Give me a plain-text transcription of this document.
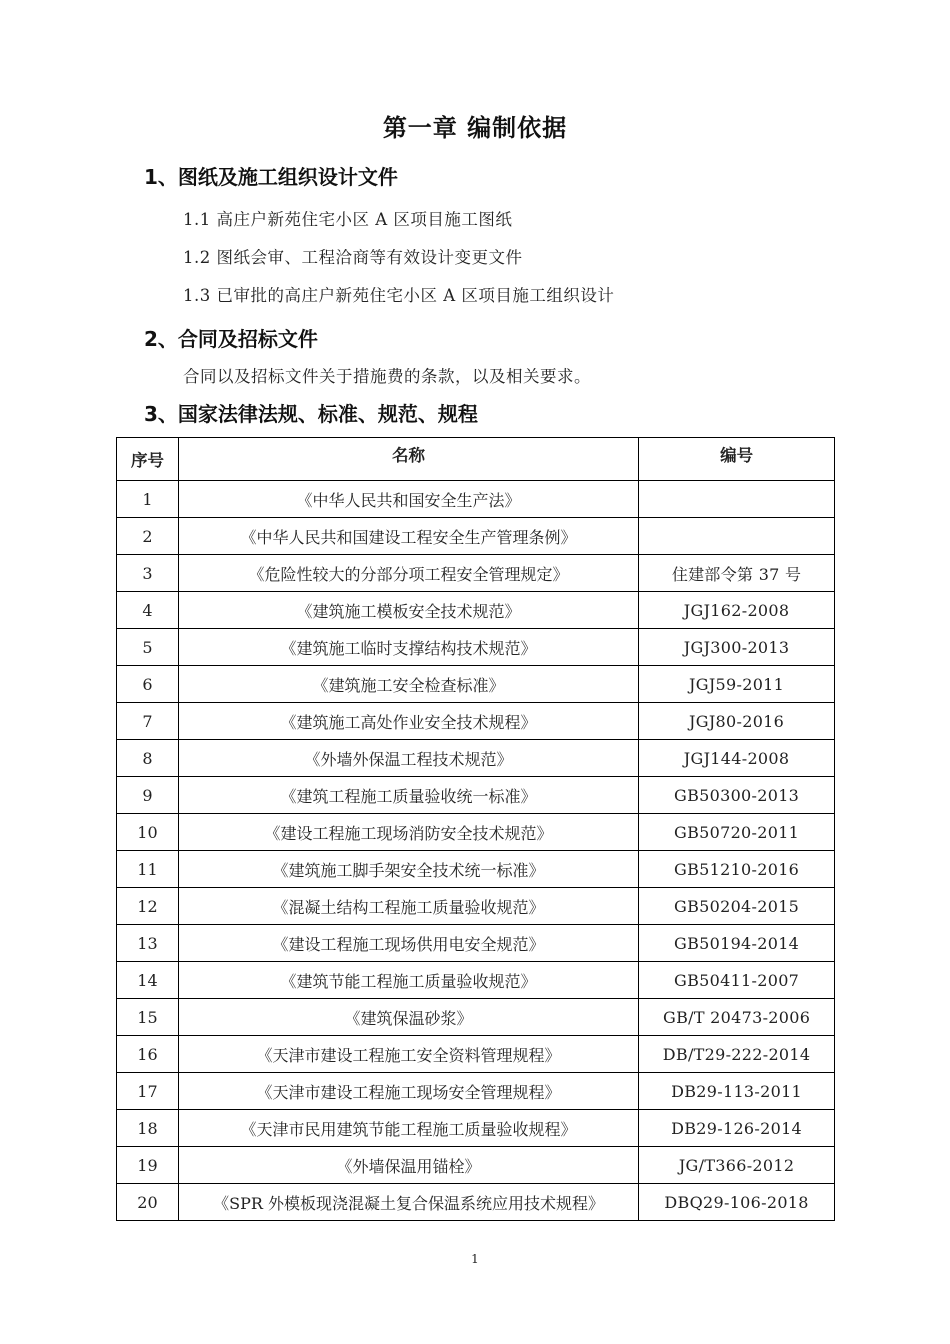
第一章 编制依据
1、图纸及施工组织设计文件
1.1 高庄户新苑住宅小区 A 区项目施工图纸
1.2 图纸会审、工程洽商等有效设计变更文件
1.3 已审批的高庄户新苑住宅小区 A 区项目施工组织设计
2、合同及招标文件
合同以及招标文件关于措施费的条款，以及相关要求。
3、国家法律法规、标准、规范、规程
序号	名称	编号
1	《中华人民共和国安全生产法》	
2	《中华人民共和国建设工程安全生产管理条例》	
3	《危险性较大的分部分项工程安全管理规定》	住建部令第 37 号
4	《建筑施工模板安全技术规范》	JGJ162-2008
5	《建筑施工临时支撑结构技术规范》	JGJ300-2013
6	《建筑施工安全检查标准》	JGJ59-2011
7	《建筑施工高处作业安全技术规程》	JGJ80-2016
8	《外墙外保温工程技术规范》	JGJ144-2008
9	《建筑工程施工质量验收统一标准》	GB50300-2013
10	《建设工程施工现场消防安全技术规范》	GB50720-2011
11	《建筑施工脚手架安全技术统一标准》	GB51210-2016
12	《混凝土结构工程施工质量验收规范》	GB50204-2015
13	《建设工程施工现场供用电安全规范》	GB50194-2014
14	《建筑节能工程施工质量验收规范》	GB50411-2007
15	《建筑保温砂浆》	GB/T 20473-2006
16	《天津市建设工程施工安全资料管理规程》	DB/T29-222-2014
17	《天津市建设工程施工现场安全管理规程》	DB29-113-2011
18	《天津市民用建筑节能工程施工质量验收规程》	DB29-126-2014
19	《外墙保温用锚栓》	JG/T366-2012
20	《SPR 外模板现浇混凝土复合保温系统应用技术规程》	DBQ29-106-2018
1
